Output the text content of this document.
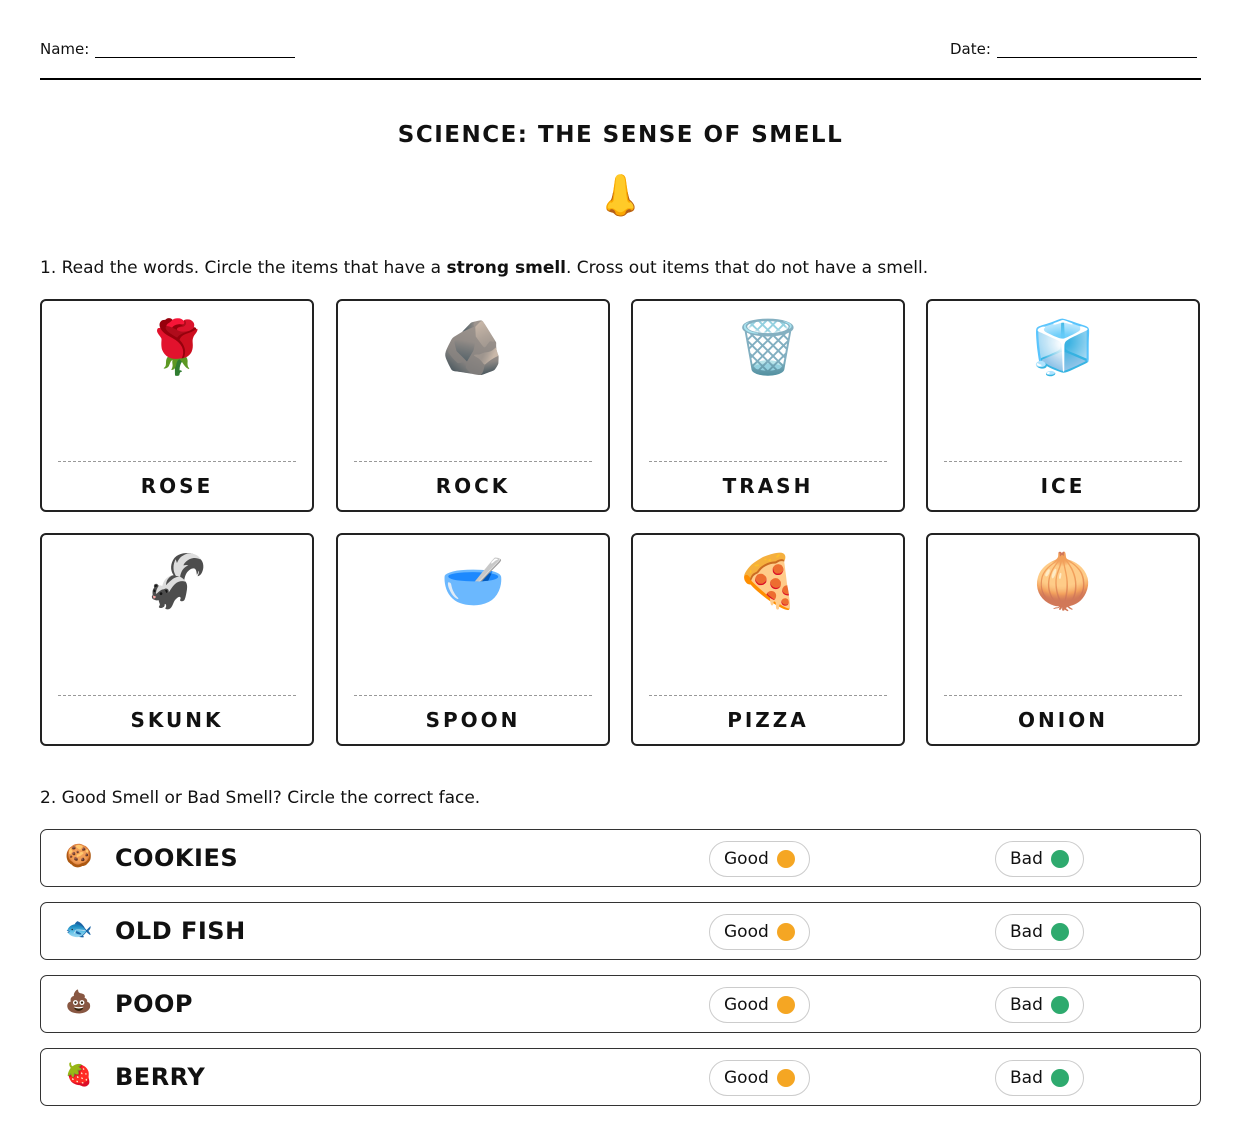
Name:	Date:
SCIENCE: THE SENSE OF SMELL
👃
1. Read the words. Circle the items that have a strong smell. Cross out items that do not have a smell.
🌹
ROSE
🪨
ROCK
🗑️
TRASH
🧊
ICE
🦨
SKUNK
🥣
SPOON
🍕
PIZZA
🧅
ONION
2. Good Smell or Bad Smell? Circle the correct face.
🍪 COOKIES	Good	Bad
🐟 OLD FISH	Good	Bad
💩 POOP	Good	Bad
🍓 BERRY	Good	Bad
